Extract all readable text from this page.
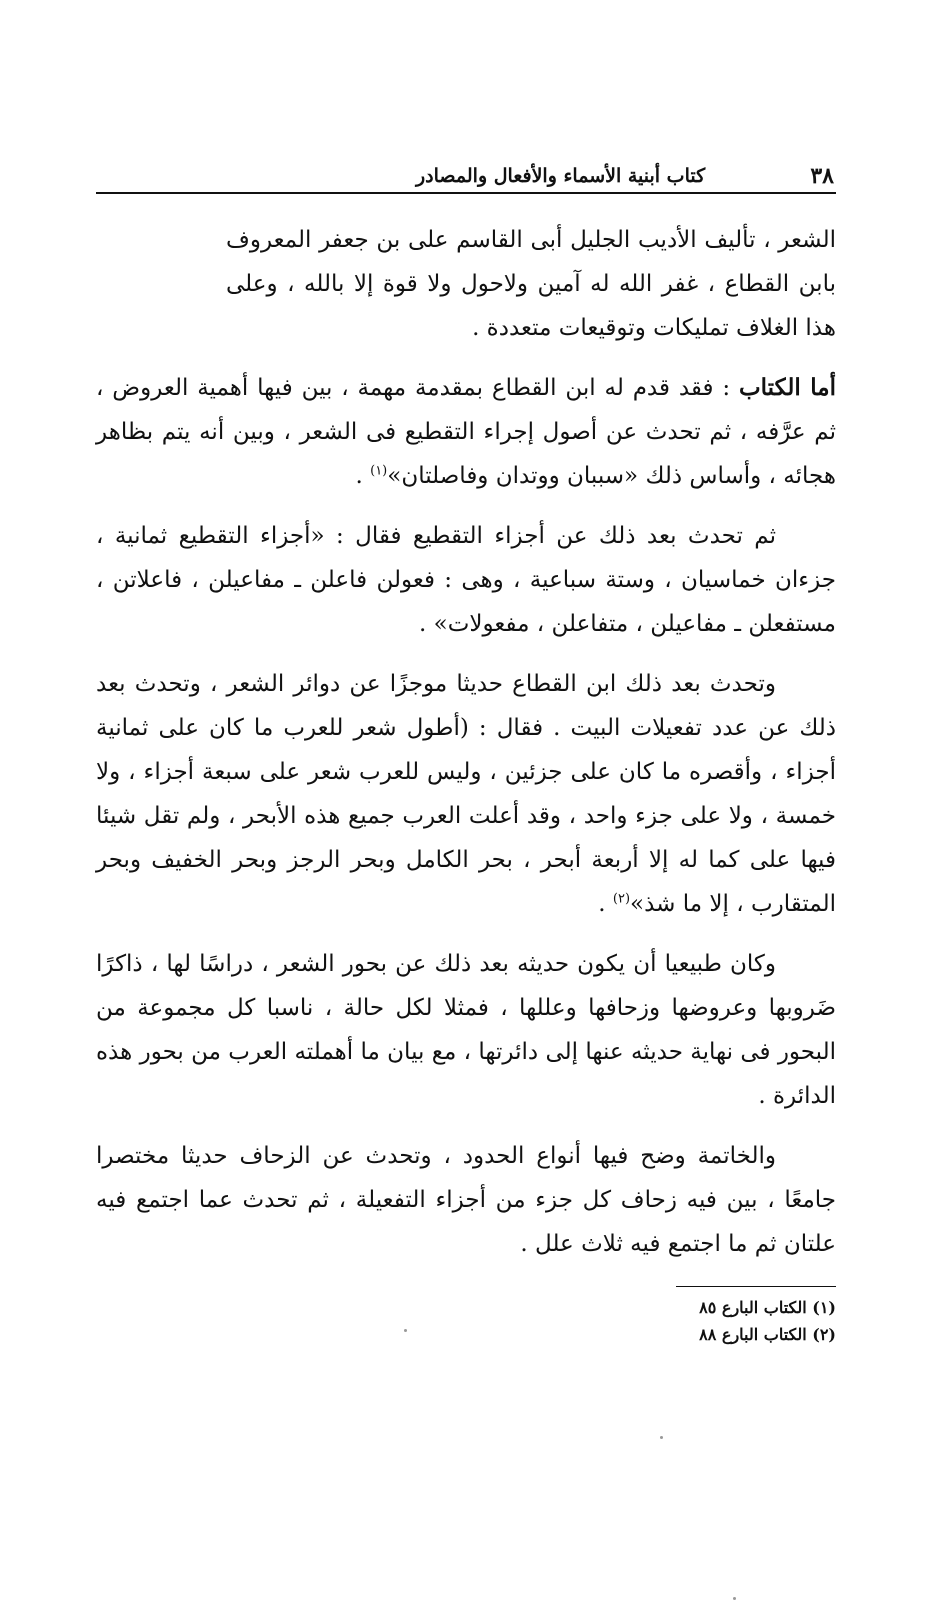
٣٨
كتاب أبنية الأسماء والأفعال والمصادر

الشعر ، تأليف الأديب الجليل أبى القاسم على بن جعفر المعروف بابن القطاع ، غفر الله له آمين ولاحول ولا قوة إلا بالله ، وعلى هذا الغلاف تمليكات وتوقيعات متعددة .

أما الكتاب : فقد قدم له ابن القطاع بمقدمة مهمة ، بين فيها أهمية العروض ، ثم عرَّفه ، ثم تحدث عن أصول إجراء التقطيع فى الشعر ، وبين أنه يتم بظاهر هجائه ، وأساس ذلك «سببان ووتدان وفاصلتان»$^{(١)}$ .

ثم تحدث بعد ذلك عن أجزاء التقطيع فقال : «أجزاء التقطيع ثمانية ، جزءان خماسيان ، وستة سباعية ، وهى : فعولن فاعلن ـ مفاعيلن ، فاعلاتن ، مستفعلن ـ مفاعيلن ، متفاعلن ، مفعولات» .

وتحدث بعد ذلك ابن القطاع حديثا موجزًا عن دوائر الشعر ، وتحدث بعد ذلك عن عدد تفعيلات البيت . فقال : (أطول شعر للعرب ما كان على ثمانية أجزاء ، وأقصره ما كان على جزئين ، وليس للعرب شعر على سبعة أجزاء ، ولا خمسة ، ولا على جزء واحد ، وقد أعلت العرب جميع هذه الأبحر ، ولم تقل شيئا فيها على كما له إلا أربعة أبحر ، بحر الكامل وبحر الرجز وبحر الخفيف وبحر المتقارب ، إلا ما شذ»$^{(٢)}$ .

وكان طبيعيا أن يكون حديثه بعد ذلك عن بحور الشعر ، دراسًا لها ، ذاكرًا ضَروبها وعروضها وزحافها وعللها ، فمثلا لكل حالة ، ناسبا كل مجموعة من البحور فى نهاية حديثه عنها إلى دائرتها ، مع بيان ما أهملته العرب من بحور هذه الدائرة .

والخاتمة وضح فيها أنواع الحدود ، وتحدث عن الزحاف حديثا مختصرا جامعًا ، بين فيه زحاف كل جزء من أجزاء التفعيلة ، ثم تحدث عما اجتمع فيه علتان ثم ما اجتمع فيه ثلاث علل .

(١) الكتاب البارع ٨٥
(٢) الكتاب البارع ٨٨
